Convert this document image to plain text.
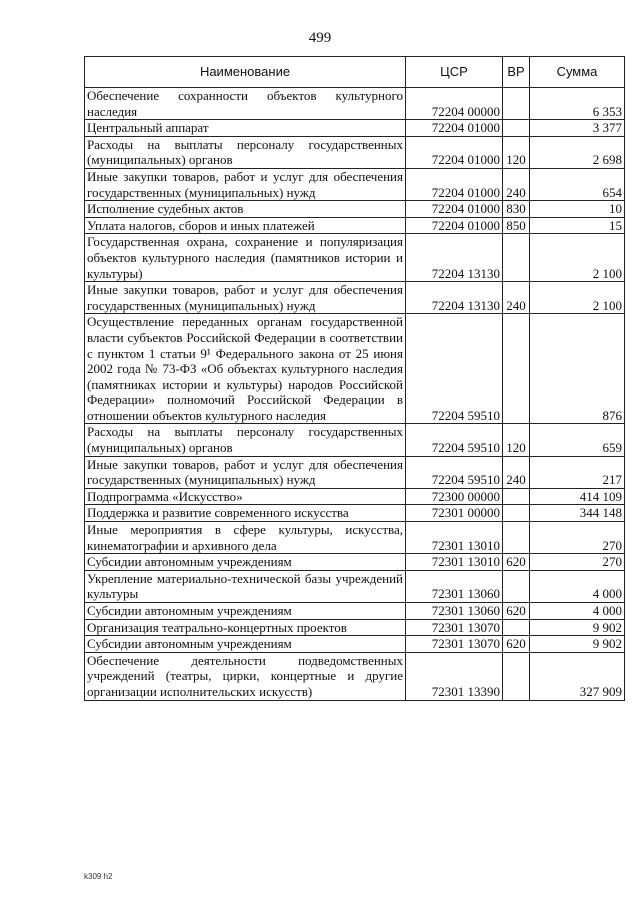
499
Наименование	ЦСР	ВР	Сумма
Обеспечение сохранности объектов культурного наследия	72204 00000		6 353
Центральный аппарат	72204 01000		3 377
Расходы на выплаты персоналу государственных (муниципальных) органов	72204 01000	120	2 698
Иные закупки товаров, работ и услуг для обеспечения государственных (муниципальных) нужд	72204 01000	240	654
Исполнение судебных актов	72204 01000	830	10
Уплата налогов, сборов и иных платежей	72204 01000	850	15
Государственная охрана, сохранение и популяризация объектов культурного наследия (памятников истории и культуры)	72204 13130		2 100
Иные закупки товаров, работ и услуг для обеспечения государственных (муниципальных) нужд	72204 13130	240	2 100
Осуществление переданных органам государственной власти субъектов Российской Федерации в соответствии с пунктом 1 статьи 9¹ Федерального закона от 25 июня 2002 года № 73-ФЗ «Об объектах культурного наследия (памятниках истории и культуры) народов Российской Федерации» полномочий Российской Федерации в отношении объектов культурного наследия	72204 59510		876
Расходы на выплаты персоналу государственных (муниципальных) органов	72204 59510	120	659
Иные закупки товаров, работ и услуг для обеспечения государственных (муниципальных) нужд	72204 59510	240	217
Подпрограмма «Искусство»	72300 00000		414 109
Поддержка и развитие современного искусства	72301 00000		344 148
Иные мероприятия в сфере культуры, искусства, кинематографии и архивного дела	72301 13010		270
Субсидии автономным учреждениям	72301 13010	620	270
Укрепление материально-технической базы учреждений культуры	72301 13060		4 000
Субсидии автономным учреждениям	72301 13060	620	4 000
Организация театрально-концертных проектов	72301 13070		9 902
Субсидии автономным учреждениям	72301 13070	620	9 902
Обеспечение деятельности подведомственных учреждений (театры, цирки, концертные и другие организации исполнительских искусств)	72301 13390		327 909
k309 h2
